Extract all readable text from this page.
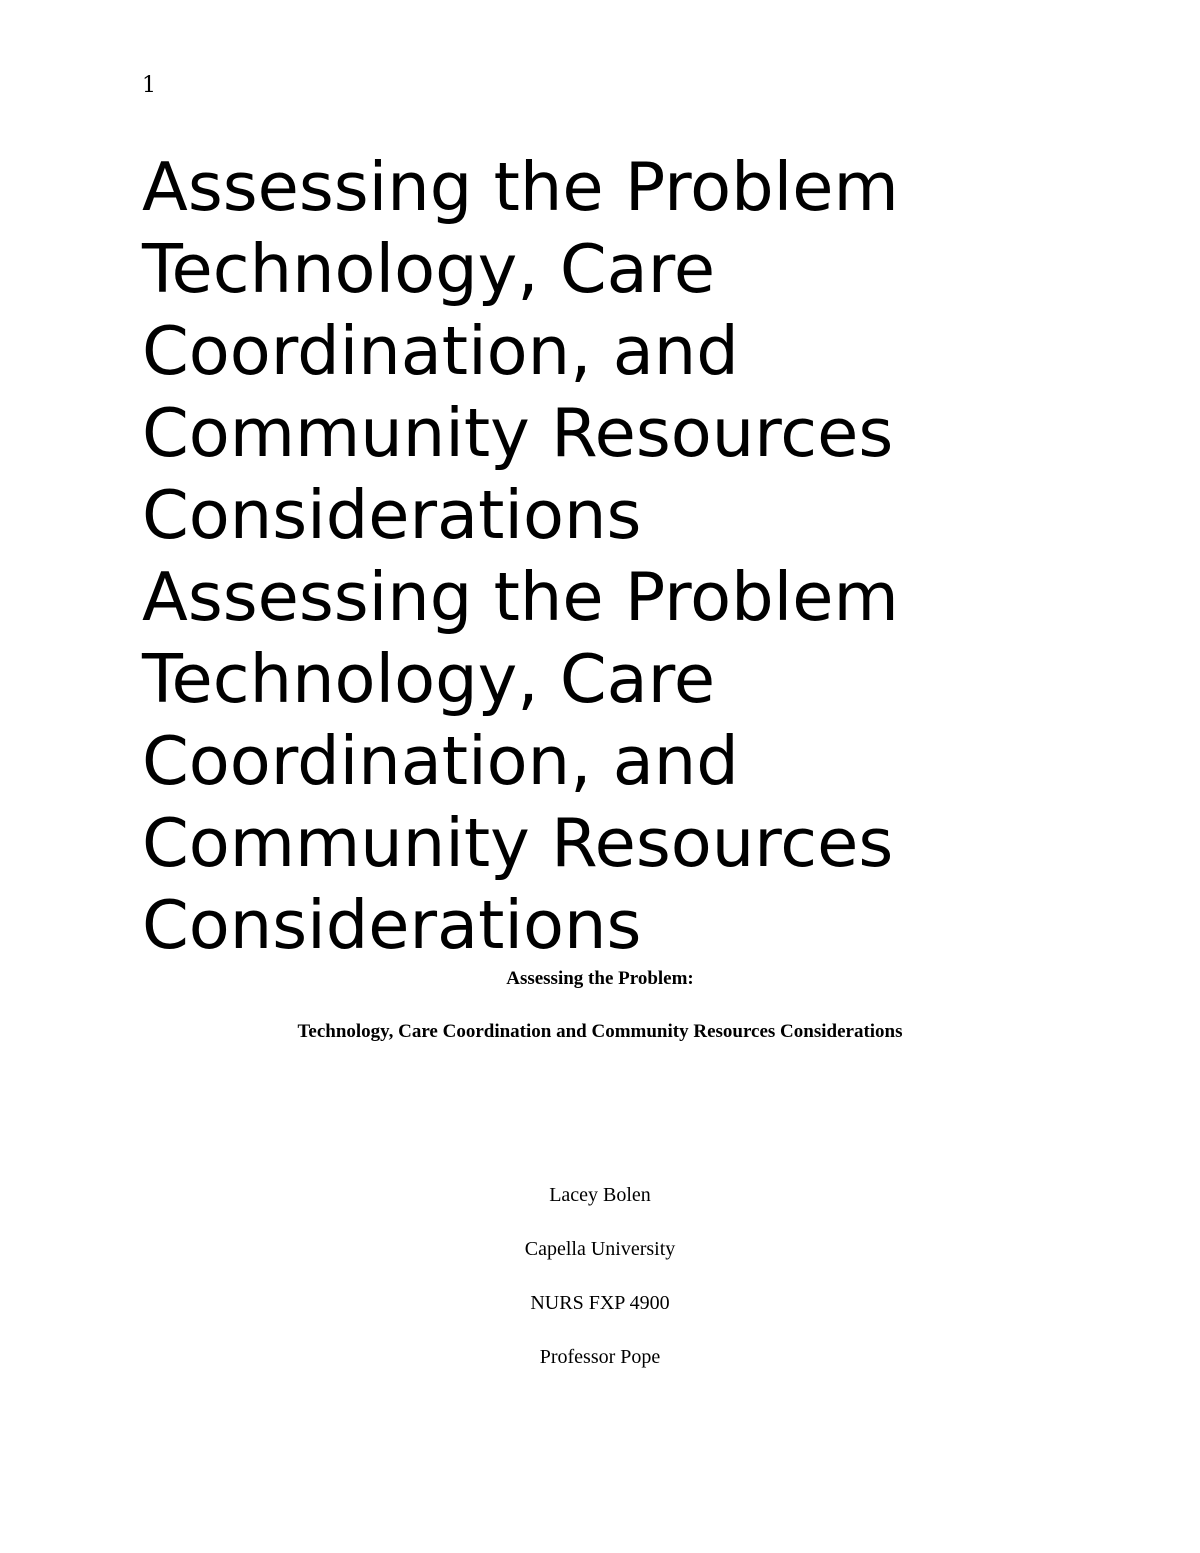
1
Assessing the Problem
Technology, Care
Coordination, and
Community Resources
Considerations
Assessing the Problem
Technology, Care
Coordination, and
Community Resources
Considerations
Assessing the Problem:
Technology, Care Coordination and Community Resources Considerations
Lacey Bolen
Capella University
NURS FXP 4900
Professor Pope
